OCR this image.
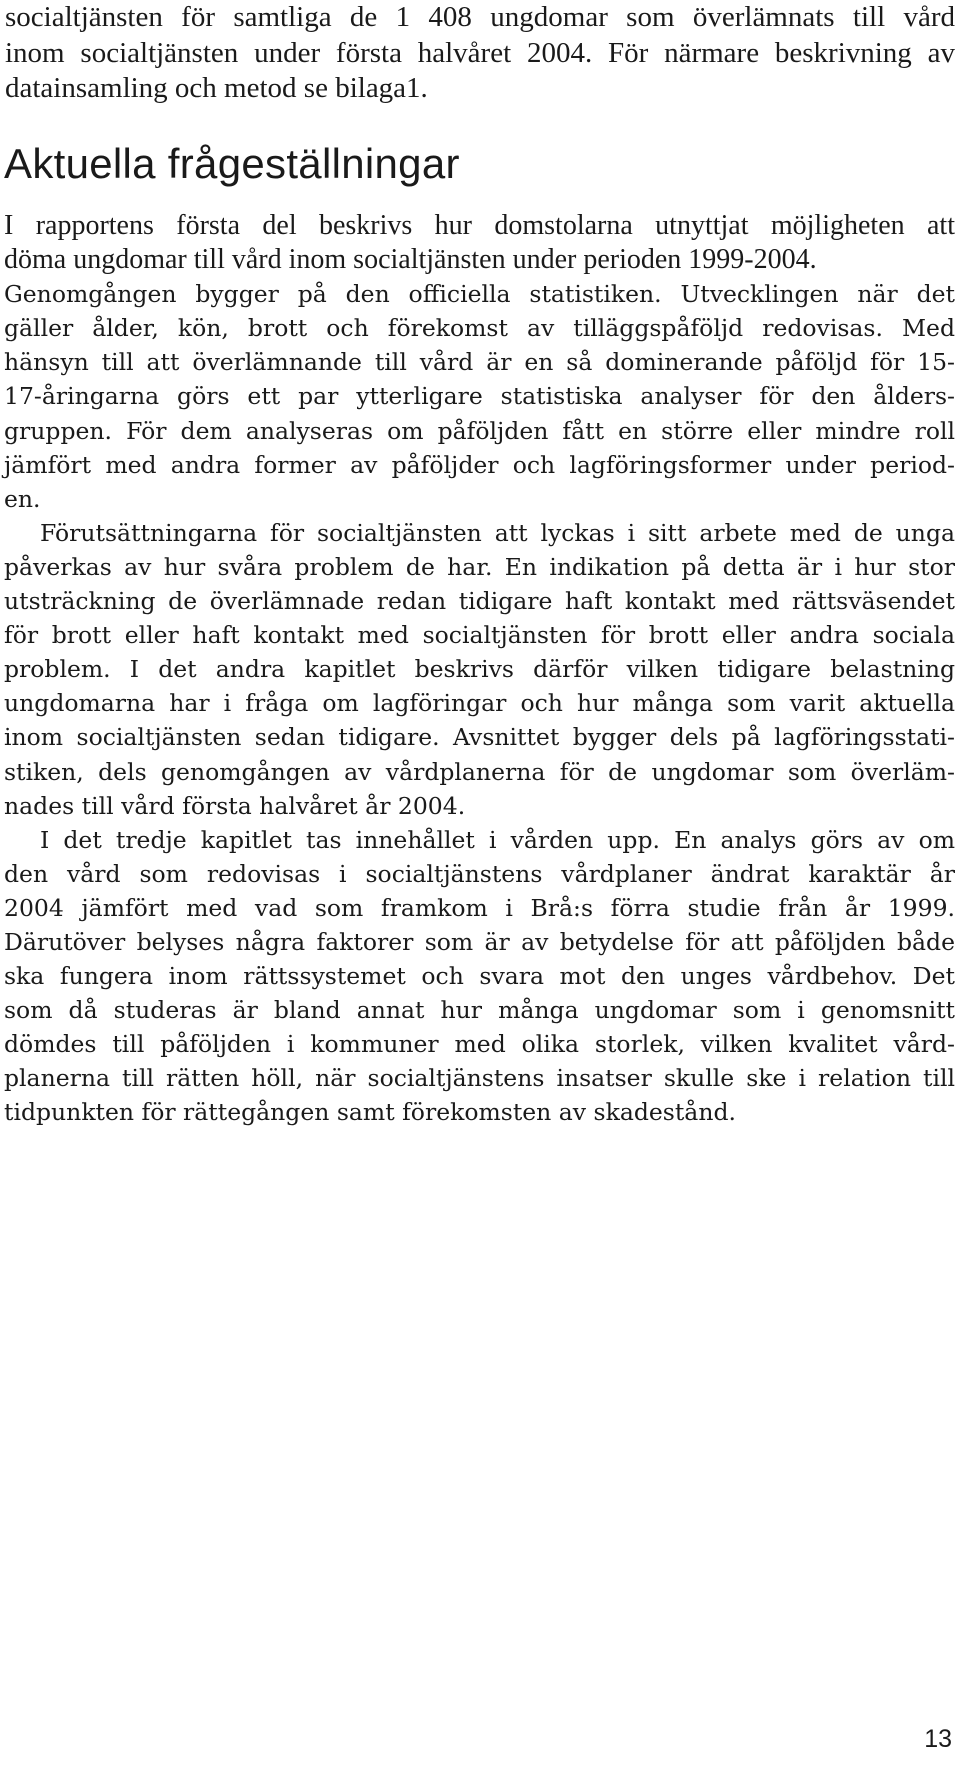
socialtjänsten för samtliga de 1 408 ungdomar som överlämnats till vård
inom socialtjänsten under första halvåret 2004. För närmare beskrivning av
datainsamling och metod se bilaga1.
Aktuella frågeställningar
I rapportens första del beskrivs hur domstolarna utnyttjat möjligheten att
döma ungdomar till vård inom socialtjänsten under perioden 1999-2004.
Genomgången bygger på den officiella statistiken. Utvecklingen när det
gäller ålder, kön, brott och förekomst av tilläggspåföljd redovisas. Med
hänsyn till att överlämnande till vård är en så dominerande påföljd för 15-
17-åringarna görs ett par ytterligare statistiska analyser för den ålders-
gruppen. För dem analyseras om påföljden fått en större eller mindre roll
jämfört med andra former av påföljder och lagföringsformer under period-
en.
Förutsättningarna för socialtjänsten att lyckas i sitt arbete med de unga
påverkas av hur svåra problem de har. En indikation på detta är i hur stor
utsträckning de överlämnade redan tidigare haft kontakt med rättsväsendet
för brott eller haft kontakt med socialtjänsten för brott eller andra sociala
problem. I det andra kapitlet beskrivs därför vilken tidigare belastning
ungdomarna har i fråga om lagföringar och hur många som varit aktuella
inom socialtjänsten sedan tidigare. Avsnittet bygger dels på lagföringsstati-
stiken, dels genomgången av vårdplanerna för de ungdomar som överläm-
nades till vård första halvåret år 2004.
I det tredje kapitlet tas innehållet i vården upp. En analys görs av om
den vård som redovisas i socialtjänstens vårdplaner ändrat karaktär år
2004 jämfört med vad som framkom i Brå:s förra studie från år 1999.
Därutöver belyses några faktorer som är av betydelse för att påföljden både
ska fungera inom rättssystemet och svara mot den unges vårdbehov. Det
som då studeras är bland annat hur många ungdomar som i genomsnitt
dömdes till påföljden i kommuner med olika storlek, vilken kvalitet vård-
planerna till rätten höll, när socialtjänstens insatser skulle ske i relation till
tidpunkten för rättegången samt förekomsten av skadestånd.
13
